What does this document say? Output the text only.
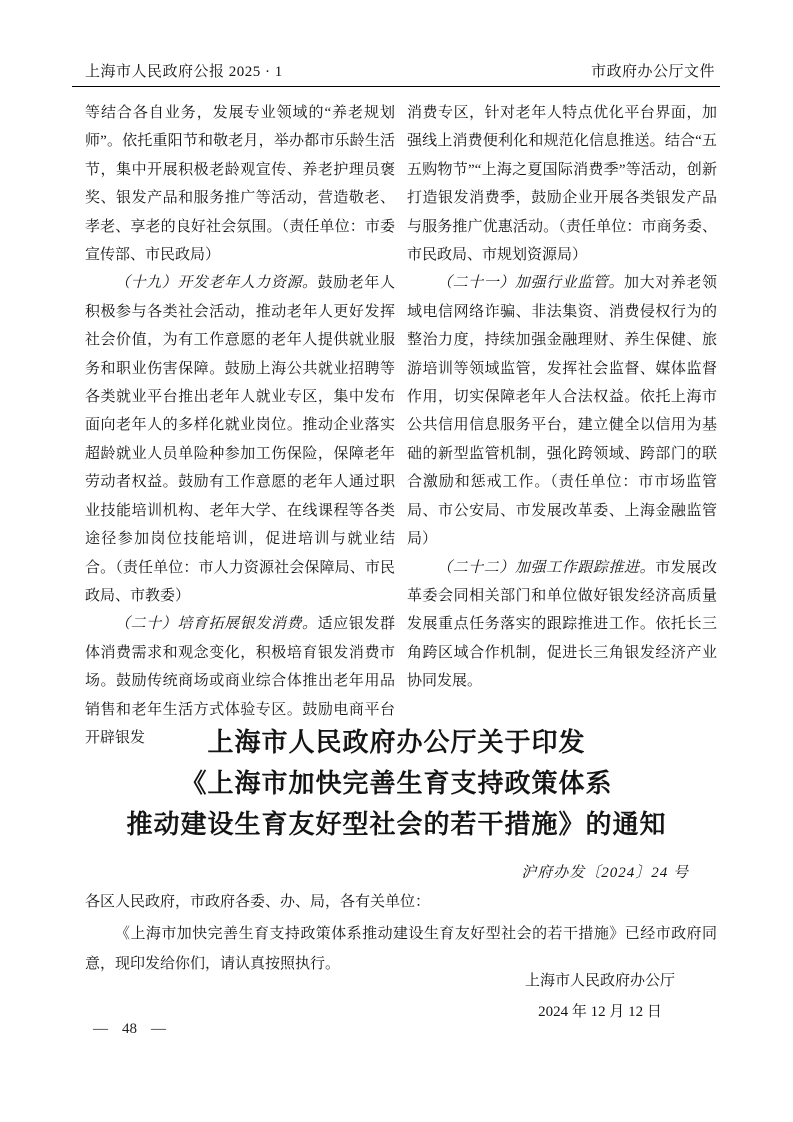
上海市人民政府公报 2025 · 1	市政府办公厅文件

等结合各自业务，发展专业领域的“养老规划师”。依托重阳节和敬老月，举办都市乐龄生活节，集中开展积极老龄观宣传、养老护理员褒奖、银发产品和服务推广等活动，营造敬老、孝老、享老的良好社会氛围。（责任单位：市委宣传部、市民政局）

（十九）开发老年人力资源。鼓励老年人积极参与各类社会活动，推动老年人更好发挥社会价值，为有工作意愿的老年人提供就业服务和职业伤害保障。鼓励上海公共就业招聘等各类就业平台推出老年人就业专区，集中发布面向老年人的多样化就业岗位。推动企业落实超龄就业人员单险种参加工伤保险，保障老年劳动者权益。鼓励有工作意愿的老年人通过职业技能培训机构、老年大学、在线课程等各类途径参加岗位技能培训，促进培训与就业结合。（责任单位：市人力资源社会保障局、市民政局、市教委）

（二十）培育拓展银发消费。适应银发群体消费需求和观念变化，积极培育银发消费市场。鼓励传统商场或商业综合体推出老年用品销售和老年生活方式体验专区。鼓励电商平台开辟银发

消费专区，针对老年人特点优化平台界面，加强线上消费便利化和规范化信息推送。结合“五五购物节”“上海之夏国际消费季”等活动，创新打造银发消费季，鼓励企业开展各类银发产品与服务推广优惠活动。（责任单位：市商务委、市民政局、市规划资源局）

（二十一）加强行业监管。加大对养老领域电信网络诈骗、非法集资、消费侵权行为的整治力度，持续加强金融理财、养生保健、旅游培训等领域监管，发挥社会监督、媒体监督作用，切实保障老年人合法权益。依托上海市公共信用信息服务平台，建立健全以信用为基础的新型监管机制，强化跨领域、跨部门的联合激励和惩戒工作。（责任单位：市市场监管局、市公安局、市发展改革委、上海金融监管局）

（二十二）加强工作跟踪推进。市发展改革委会同相关部门和单位做好银发经济高质量发展重点任务落实的跟踪推进工作。依托长三角跨区域合作机制，促进长三角银发经济产业协同发展。

上海市人民政府办公厅关于印发
《上海市加快完善生育支持政策体系
推动建设生育友好型社会的若干措施》的通知
沪府办发〔2024〕24 号
各区人民政府，市政府各委、办、局，各有关单位：
《上海市加快完善生育支持政策体系推动建设生育友好型社会的若干措施》已经市政府同意，现印发给你们，请认真按照执行。
上海市人民政府办公厅
2024 年 12 月 12 日
— 48 —
